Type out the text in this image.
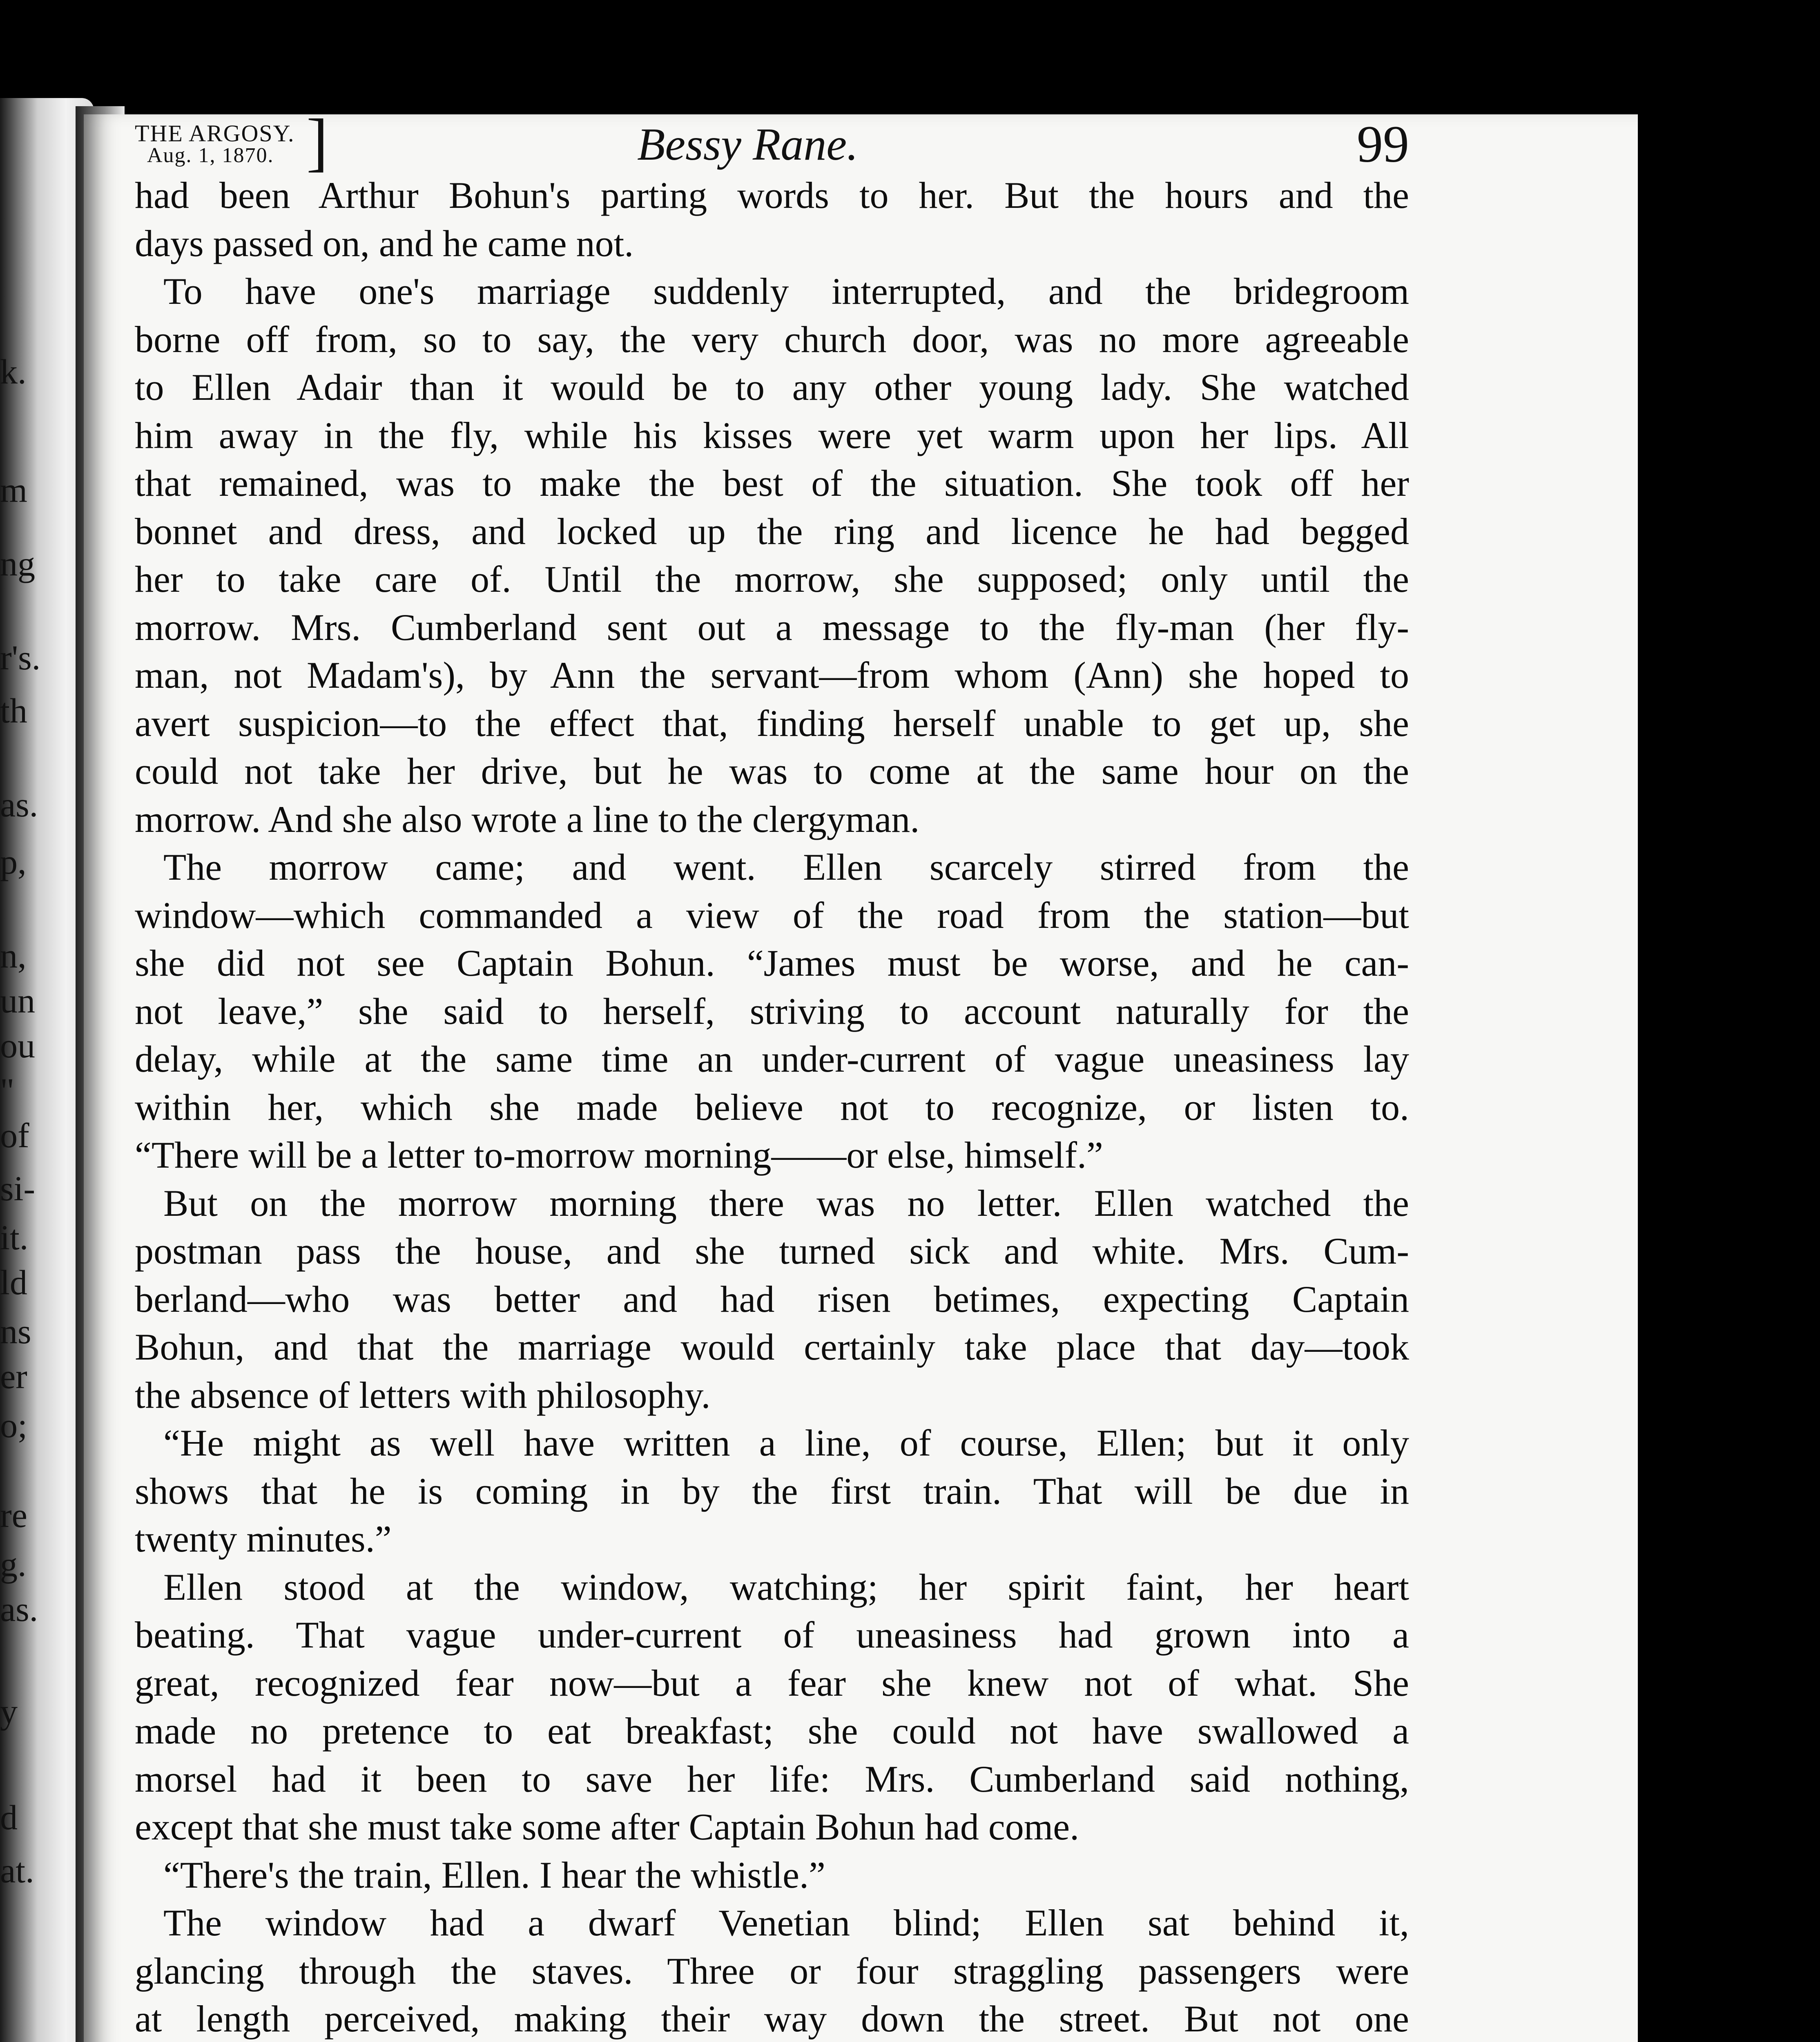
k.
m
ng
r's.
th
as.
p,
n,
un
ou
"
of
si-
it.
ld
ns
er
o;
re
g.
as.
y
d
at.
THE ARGOSY.
Aug. 1, 1870. ]	Bessy Rane.	99

had been Arthur Bohun's parting words to her. But the hours and the
days passed on, and he came not.

To have one's marriage suddenly interrupted, and the bridegroom
borne off from, so to say, the very church door, was no more agreeable
to Ellen Adair than it would be to any other young lady. She watched
him away in the fly, while his kisses were yet warm upon her lips. All
that remained, was to make the best of the situation. She took off her
bonnet and dress, and locked up the ring and licence he had begged
her to take care of. Until the morrow, she supposed; only until the
morrow. Mrs. Cumberland sent out a message to the fly-man (her fly-
man, not Madam's), by Ann the servant—from whom (Ann) she hoped to
avert suspicion—to the effect that, finding herself unable to get up, she
could not take her drive, but he was to come at the same hour on the
morrow. And she also wrote a line to the clergyman.

The morrow came; and went. Ellen scarcely stirred from the
window—which commanded a view of the road from the station—but
she did not see Captain Bohun. “James must be worse, and he can-
not leave,” she said to herself, striving to account naturally for the
delay, while at the same time an under-current of vague uneasiness lay
within her, which she made believe not to recognize, or listen to.
“There will be a letter to-morrow morning——or else, himself.”

But on the morrow morning there was no letter. Ellen watched the
postman pass the house, and she turned sick and white. Mrs. Cum-
berland—who was better and had risen betimes, expecting Captain
Bohun, and that the marriage would certainly take place that day—took
the absence of letters with philosophy.

“He might as well have written a line, of course, Ellen; but it only
shows that he is coming in by the first train. That will be due in
twenty minutes.”

Ellen stood at the window, watching; her spirit faint, her heart
beating. That vague under-current of uneasiness had grown into a
great, recognized fear now—but a fear she knew not of what. She
made no pretence to eat breakfast; she could not have swallowed a
morsel had it been to save her life: Mrs. Cumberland said nothing,
except that she must take some after Captain Bohun had come.

“There's the train, Ellen. I hear the whistle.”

The window had a dwarf Venetian blind; Ellen sat behind it,
glancing through the staves. Three or four straggling passengers were
at length perceived, making their way down the street. But not one
